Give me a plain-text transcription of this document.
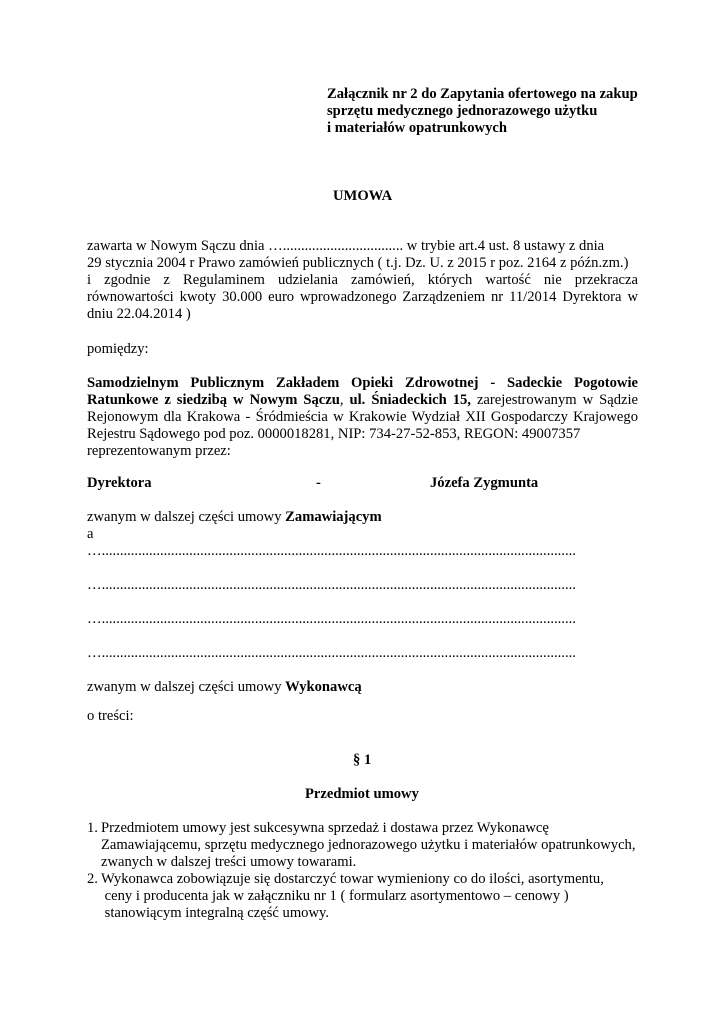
Załącznik nr 2 do Zapytania ofertowego na zakup
sprzętu medycznego jednorazowego użytku
i materiałów opatrunkowych
UMOWA
zawarta w Nowym Sączu dnia …................................. w trybie art.4 ust. 8 ustawy z dnia
29 stycznia 2004 r Prawo zamówień publicznych ( t.j. Dz. U. z 2015 r poz. 2164 z późn.zm.)
i zgodnie z Regulaminem udzielania zamówień, których wartość nie przekracza
równowartości kwoty 30.000 euro wprowadzonego Zarządzeniem nr 11/2014 Dyrektora w
dniu 22.04.2014 )
pomiędzy:
Samodzielnym Publicznym Zakładem Opieki Zdrowotnej - Sadeckie Pogotowie
Ratunkowe z siedzibą w Nowym Sączu, ul. Śniadeckich 15, zarejestrowanym w Sądzie
Rejonowym dla Krakowa - Śródmieścia w Krakowie Wydział XII Gospodarczy Krajowego
Rejestru Sądowego pod poz. 0000018281, NIP: 734-27-52-853, REGON: 49007357
reprezentowanym przez:
Dyrektora	-	Józefa Zygmunta
zwanym w dalszej części umowy Zamawiającym
a
…..................................................................................................................................
…..................................................................................................................................
…..................................................................................................................................
…..................................................................................................................................
zwanym w dalszej części umowy Wykonawcą
o treści:
§ 1
Przedmiot umowy
1. Przedmiotem umowy jest sukcesywna sprzedaż i dostawa przez Wykonawcę
Zamawiającemu, sprzętu medycznego jednorazowego użytku i materiałów opatrunkowych,
zwanych w dalszej treści umowy towarami.
2. Wykonawca zobowiązuje się dostarczyć towar wymieniony co do ilości, asortymentu,
ceny i producenta jak w załączniku nr 1 ( formularz asortymentowo – cenowy )
stanowiącym integralną część umowy.
